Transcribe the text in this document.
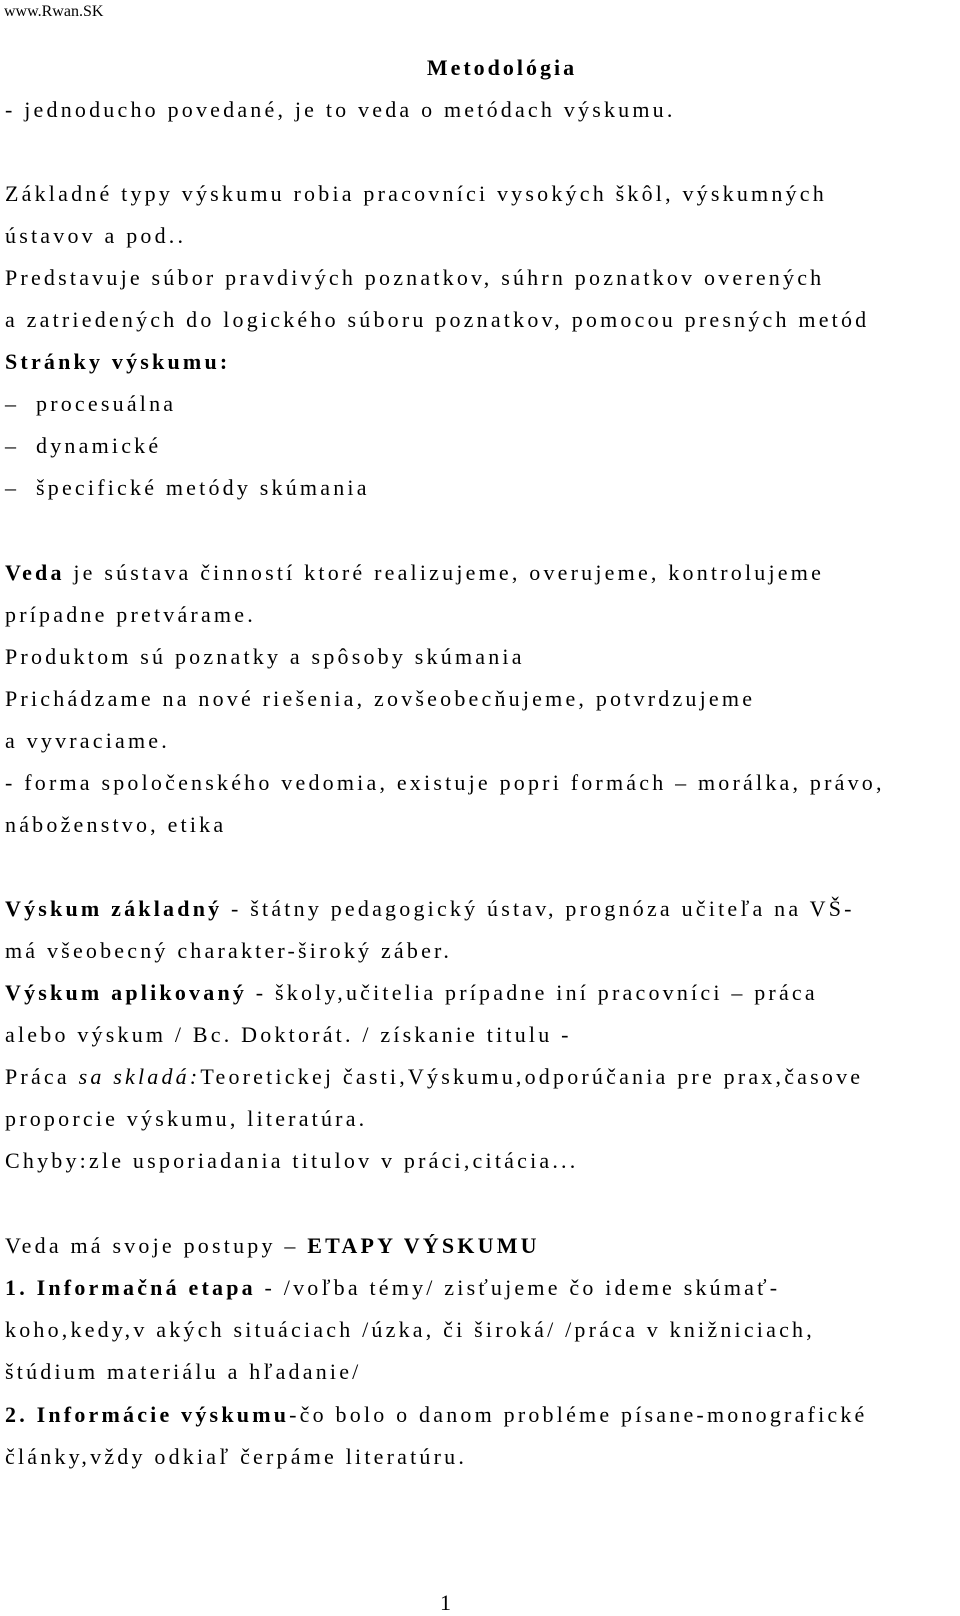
www.Rwan.SK
Metodológia
- jednoducho povedané, je to veda o metódach výskumu.
Základné typy výskumu robia pracovníci vysokých škôl, výskumných
ústavov a pod..
Predstavuje súbor pravdivých poznatkov, súhrn poznatkov overených
a zatriedených do logického súboru poznatkov, pomocou presných metód
Stránky výskumu:
– procesuálna
– dynamické
– špecifické metódy skúmania
Veda je sústava činností ktoré realizujeme, overujeme, kontrolujeme
prípadne pretvárame.
Produktom sú poznatky a spôsoby skúmania
Prichádzame na nové riešenia, zovšeobecňujeme, potvrdzujeme
a vyvraciame.
- forma spoločenského vedomia, existuje popri formách – morálka, právo,
náboženstvo, etika
Výskum základný - štátny pedagogický ústav, prognóza učiteľa na VŠ-
má všeobecný charakter-široký záber.
Výskum aplikovaný - školy,učitelia prípadne iní pracovníci – práca
alebo výskum / Bc. Doktorát. / získanie titulu -
Práca sa skladá:Teoretickej časti,Výskumu,odporúčania pre prax,časove
proporcie výskumu, literatúra.
Chyby:zle usporiadania titulov v práci,citácia...
Veda má svoje postupy – ETAPY VÝSKUMU
1. Informačná etapa - /voľba témy/ zisťujeme čo ideme skúmať-
koho,kedy,v akých situáciach /úzka, či široká/ /práca v knižniciach,
štúdium materiálu a hľadanie/
2. Informácie výskumu-čo bolo o danom probléme písane-monografické
články,vždy odkiaľ čerpáme literatúru.
1
